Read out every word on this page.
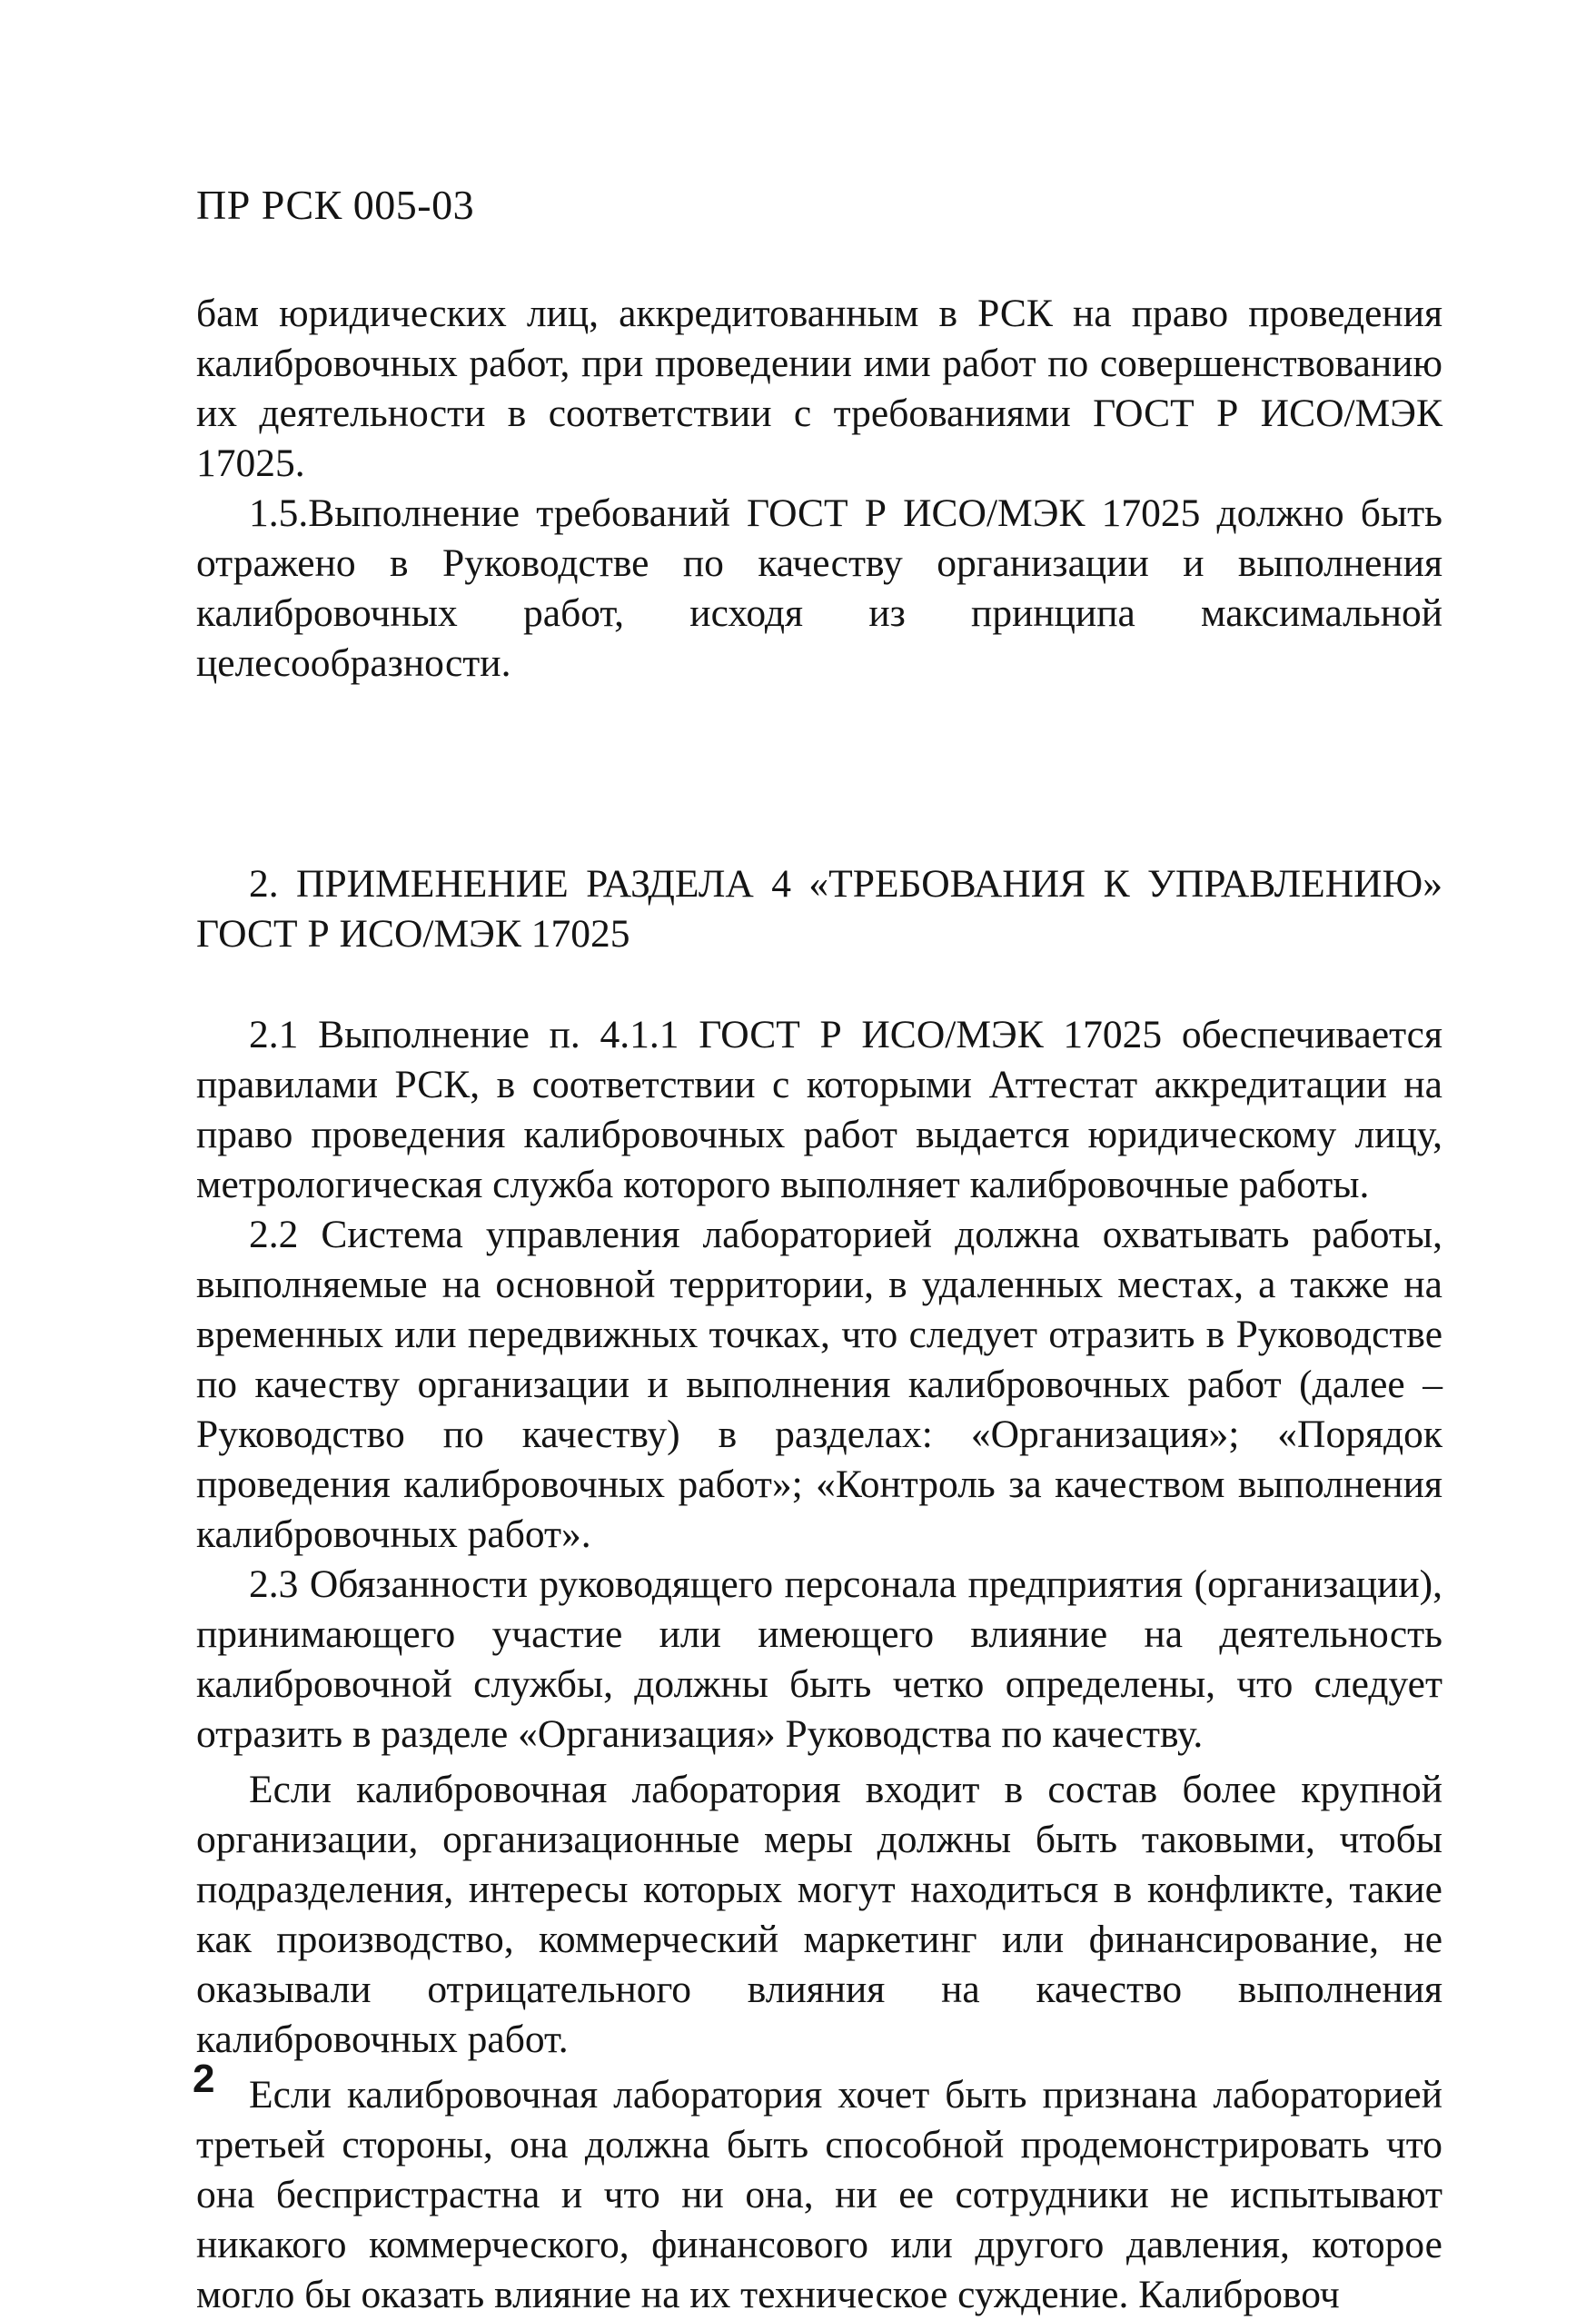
ПР РСК 005-03

бам юридических лиц, аккредитованным в РСК на право проведения калибровочных работ, при проведении ими работ по совершенствованию их деятельности в соответствии с требованиями ГОСТ Р ИСО/МЭК 17025.

1.5.Выполнение требований ГОСТ Р ИСО/МЭК 17025 должно быть отражено в Руководстве по качеству организации и выполнения калибровочных работ, исходя из принципа максимальной целесообразности.

2. ПРИМЕНЕНИЕ РАЗДЕЛА 4 «ТРЕБОВАНИЯ К УПРАВЛЕНИЮ» ГОСТ Р ИСО/МЭК 17025

2.1 Выполнение п. 4.1.1 ГОСТ Р ИСО/МЭК 17025 обеспечивается правилами РСК, в соответствии с которыми Аттестат аккредитации на право проведения калибровочных работ выдается юридическому лицу, метрологическая служба которого выполняет калибровочные работы.

2.2 Система управления лабораторией должна охватывать работы, выполняемые на основной территории, в удаленных местах, а также на временных или передвижных точках, что следует отразить в Руководстве по качеству организации и выполнения калибровочных работ (далее – Руководство по качеству) в разделах: «Организация»; «Порядок проведения калибровочных работ»; «Контроль за качеством выполнения калибровочных работ».

2.3 Обязанности руководящего персонала предприятия (организации), принимающего участие или имеющего влияние на деятельность калибровочной службы, должны быть четко определены, что следует отразить в разделе «Организация» Руководства по качеству.

Если калибровочная лаборатория входит в состав более крупной организации, организационные меры должны быть таковыми, чтобы подразделения, интересы которых могут находиться в конфликте, такие как производство, коммерческий маркетинг или финансирование, не оказывали отрицательного влияния на качество выполнения калибровочных работ.

Если калибровочная лаборатория хочет быть признана лабораторией третьей стороны, она должна быть способной продемонстрировать что она беспристрастна и что ни она, ни ее сотрудники не испытывают никакого коммерческого, финансового или другого давления, которое могло бы оказать влияние на их техническое суждение. Калибровоч

2
